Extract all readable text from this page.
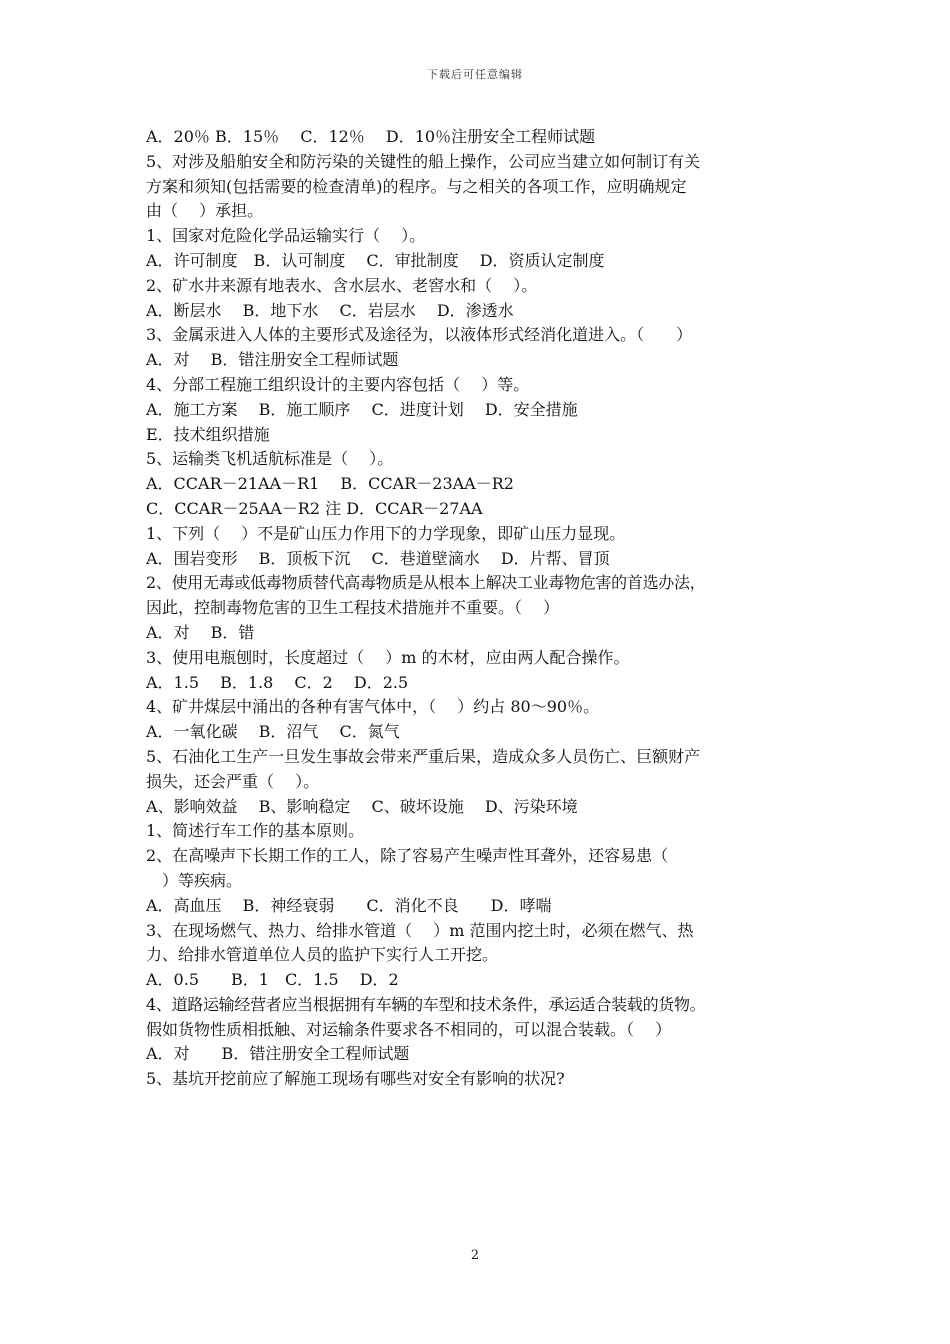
下载后可任意编辑
A．20％ B．15％　 C．12％　 D．10％注册安全工程师试题
5、对涉及船舶安全和防污染的关键性的船上操作，公司应当建立如何制订有关
方案和须知(包括需要的检查清单)的程序。与之相关的各项工作，应明确规定
由（　 ）承担。
1、国家对危险化学品运输实行（　 ）。
A．许可制度　B．认可制度　 C．审批制度　 D．资质认定制度
2、矿水井来源有地表水、含水层水、老窖水和（　 ）。
A．断层水　 B．地下水　 C．岩层水　 D．渗透水
3、金属汞进入人体的主要形式及途径为，以液体形式经消化道进入。（　　）
A．对　 B．错注册安全工程师试题
4、分部工程施工组织设计的主要内容包括（　 ）等。
A．施工方案　 B．施工顺序　 C．进度计划　 D．安全措施
E．技术组织措施
5、运输类飞机适航标准是（　 ）。
A．CCAR－21AA－R1　 B．CCAR－23AA－R2
C．CCAR－25AA－R2 注 D．CCAR－27AA
1、下列（　 ）不是矿山压力作用下的力学现象，即矿山压力显现。
A．围岩变形　 B．顶板下沉　 C．巷道壁滴水　 D．片帮、冒顶
2、使用无毒或低毒物质替代高毒物质是从根本上解决工业毒物危害的首选办法，
因此，控制毒物危害的卫生工程技术措施并不重要。（　 ）
A．对　 B．错
3、使用电瓶刨时，长度超过（　 ）m 的木材，应由两人配合操作。
A．1.5　 B．1.8　 C．2　 D．2.5
4、矿井煤层中涌出的各种有害气体中，（　 ）约占 80～90％。
A．一氧化碳　 B．沼气　 C．氮气
5、石油化工生产一旦发生事故会带来严重后果，造成众多人员伤亡、巨额财产
损失，还会严重（　 ）。
A、影响效益　 B、影响稳定　 C、破坏设施　 D、污染环境
1、简述行车工作的基本原则。
2、在高噪声下长期工作的工人，除了容易产生噪声性耳聋外，还容易患（
　）等疾病。
A．高血压　 B．神经衰弱　　C．消化不良　　D．哮喘
3、在现场燃气、热力、给排水管道（　 ）m 范围内挖土时，必须在燃气、热
力、给排水管道单位人员的监护下实行人工开挖。
A．0.5　　B．1　C．1.5　 D．2
4、道路运输经营者应当根据拥有车辆的车型和技术条件，承运适合装载的货物。
假如货物性质相抵触、对运输条件要求各不相同的，可以混合装载。（　 ）
A．对　　B．错注册安全工程师试题
5、基坑开挖前应了解施工现场有哪些对安全有影响的状况?
2
